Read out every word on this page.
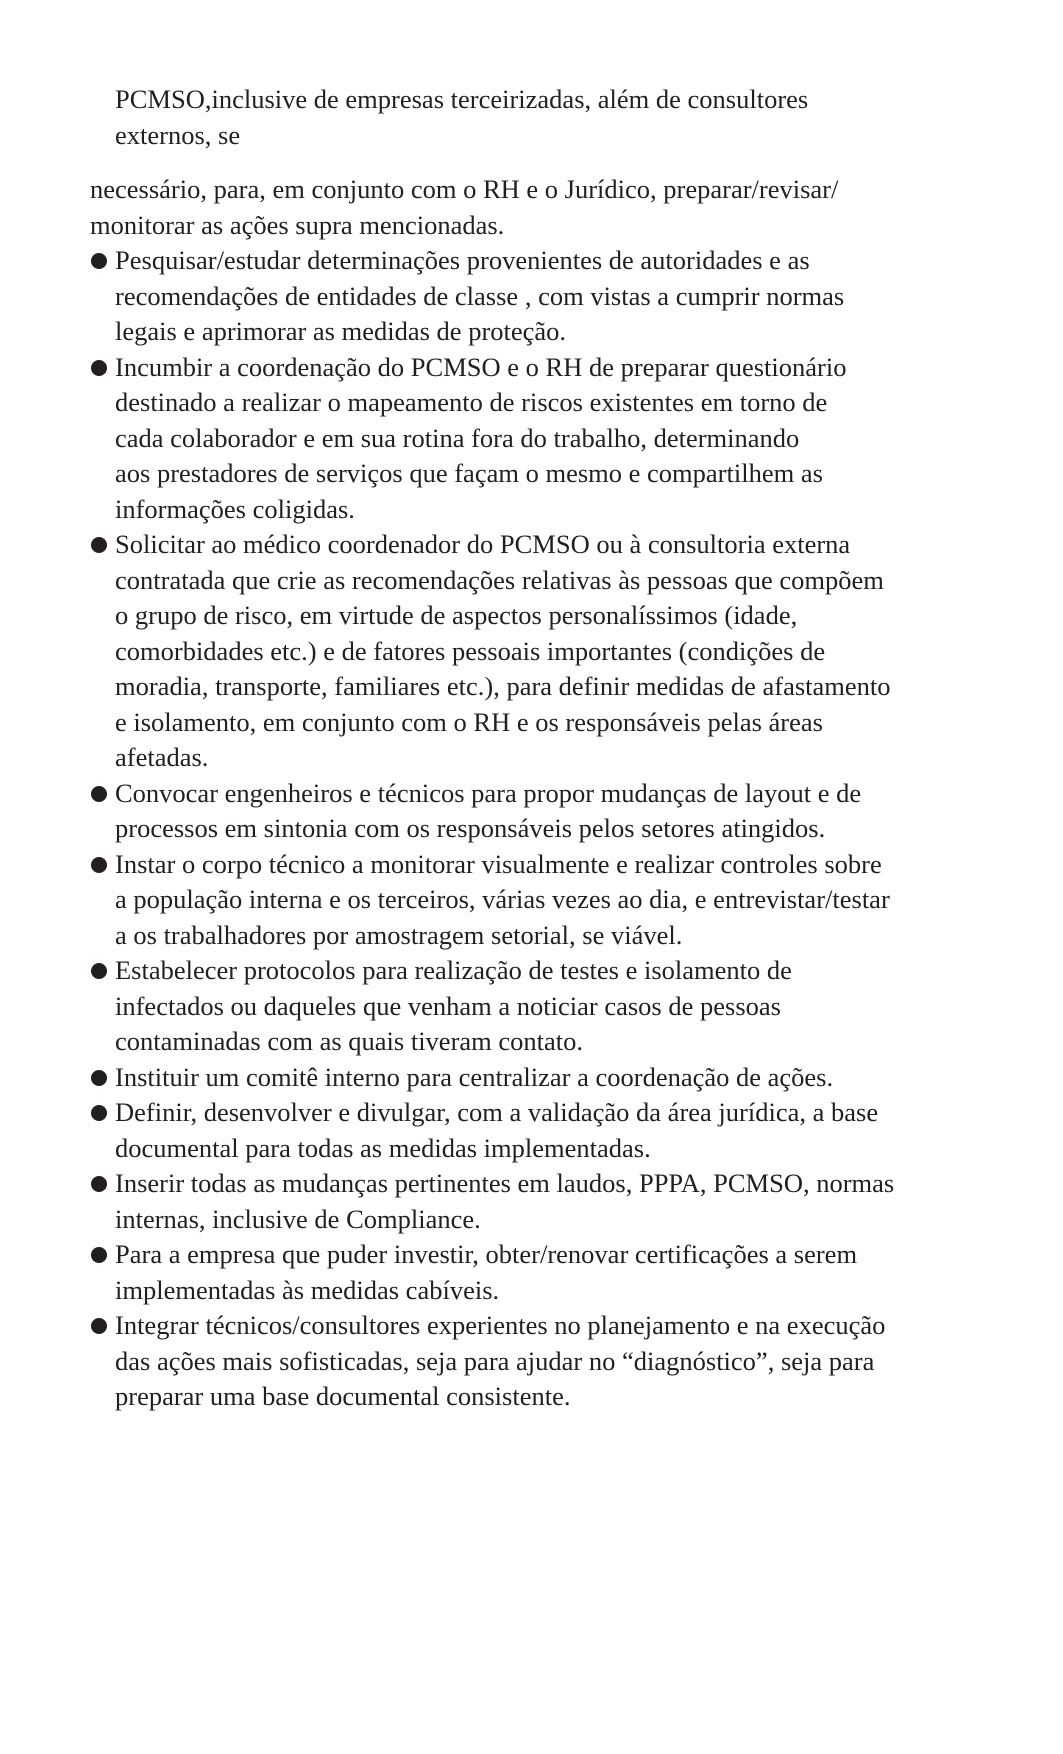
PCMSO,inclusive de empresas terceirizadas, além de consultores
externos, se
necessário, para, em conjunto com o RH e o Jurídico, preparar/revisar/
monitorar as ações supra mencionadas.
Pesquisar/estudar determinações provenientes de autoridades e as
recomendações de entidades de classe , com vistas a cumprir normas
legais e aprimorar as medidas de proteção.
Incumbir a coordenação do PCMSO e o RH de preparar questionário
destinado a realizar o mapeamento de riscos existentes em torno de
cada colaborador e em sua rotina fora do trabalho, determinando
aos prestadores de serviços que façam o mesmo e compartilhem as
informações coligidas.
Solicitar ao médico coordenador do PCMSO ou à consultoria externa
contratada que crie as recomendações relativas às pessoas que compõem
o grupo de risco, em virtude de aspectos personalíssimos (idade,
comorbidades etc.) e de fatores pessoais importantes (condições de
moradia, transporte, familiares etc.), para definir medidas de afastamento
e isolamento, em conjunto com o RH e os responsáveis pelas áreas
afetadas.
Convocar engenheiros e técnicos para propor mudanças de layout e de
processos em sintonia com os responsáveis pelos setores atingidos.
Instar o corpo técnico a monitorar visualmente e realizar controles sobre
a população interna e os terceiros, várias vezes ao dia, e entrevistar/testar
a os trabalhadores por amostragem setorial, se viável.
Estabelecer protocolos para realização de testes e isolamento de
infectados ou daqueles que venham a noticiar casos de pessoas
contaminadas com as quais tiveram contato.
Instituir um comitê interno para centralizar a coordenação de ações.
Definir, desenvolver e divulgar, com a validação da área jurídica, a base
documental para todas as medidas implementadas.
Inserir todas as mudanças pertinentes em laudos, PPPA, PCMSO, normas
internas, inclusive de Compliance.
Para a empresa que puder investir, obter/renovar certificações a serem
implementadas às medidas cabíveis.
Integrar técnicos/consultores experientes no planejamento e na execução
das ações mais sofisticadas, seja para ajudar no “diagnóstico”, seja para
preparar uma base documental consistente.
